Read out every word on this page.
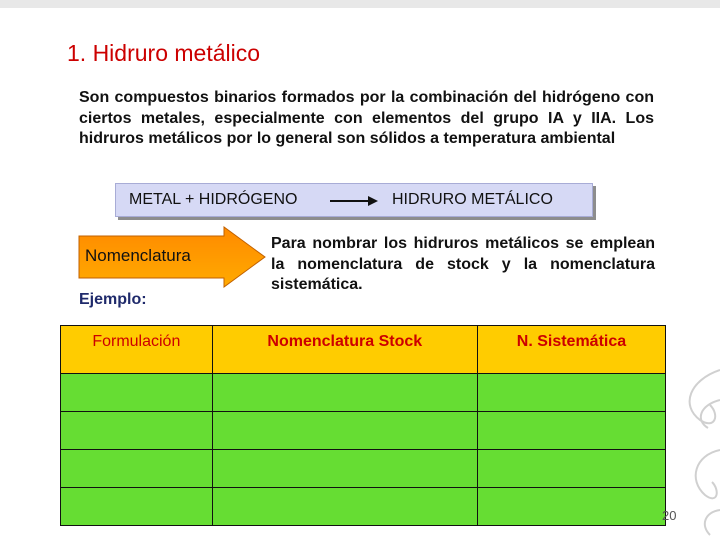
1. Hidruro metálico
Son compuestos binarios formados por la combinación del hidrógeno con ciertos metales, especialmente con elementos del grupo IA y IIA. Los hidruros metálicos por lo general son sólidos a temperatura ambiental
METAL + HIDRÓGENO	HIDRURO METÁLICO
Nomenclatura
Para nombrar los hidruros metálicos se emplean la nomenclatura de stock y la nomenclatura sistemática.
Ejemplo:
Formulación	Nomenclatura Stock	N. Sistemática

20
